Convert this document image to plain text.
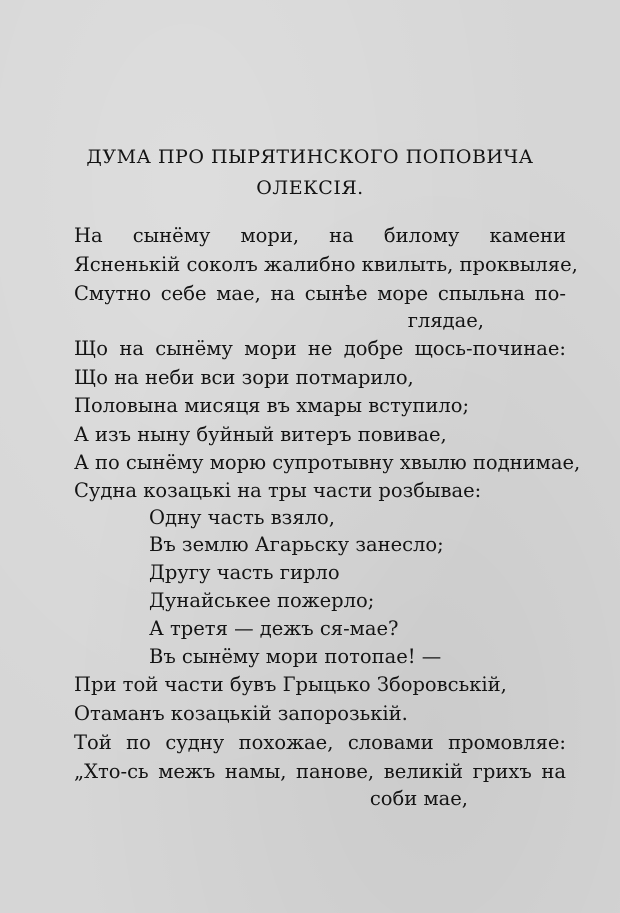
ДУМА ПРО ПЫРЯТИНСКОГО ПОПОВИЧА
ОЛЕКСІЯ.

На сынёму мори, на билому камени

Ясненькій соколъ жалибно квилыть, проквыляе,

Смутно себе мае, на сынѣе море спыльна по-

глядае,

Що на сынёму мори не добре щось-починае:

Що на неби вси зори потмарило,

Половына мисяця въ хмары вступило;

А изъ ныну буйный витеръ повивае,

А по сынёму морю супротывну хвылю поднимае,

Судна козацькі на тры части розбывае:

Одну часть взяло,

Въ землю Агарьску занесло;

Другу часть гирло

Дунайськее пожерло;

А третя — дежъ ся-мае?

Въ сынёму мори потопае! —

При той части бувъ Грыцько Зборовській,

Отаманъ козацькій запорозькій.

Той по судну похожае, словами промовляе:

„Хто-сь межъ намы, панове, великій грихъ на

соби мае,
